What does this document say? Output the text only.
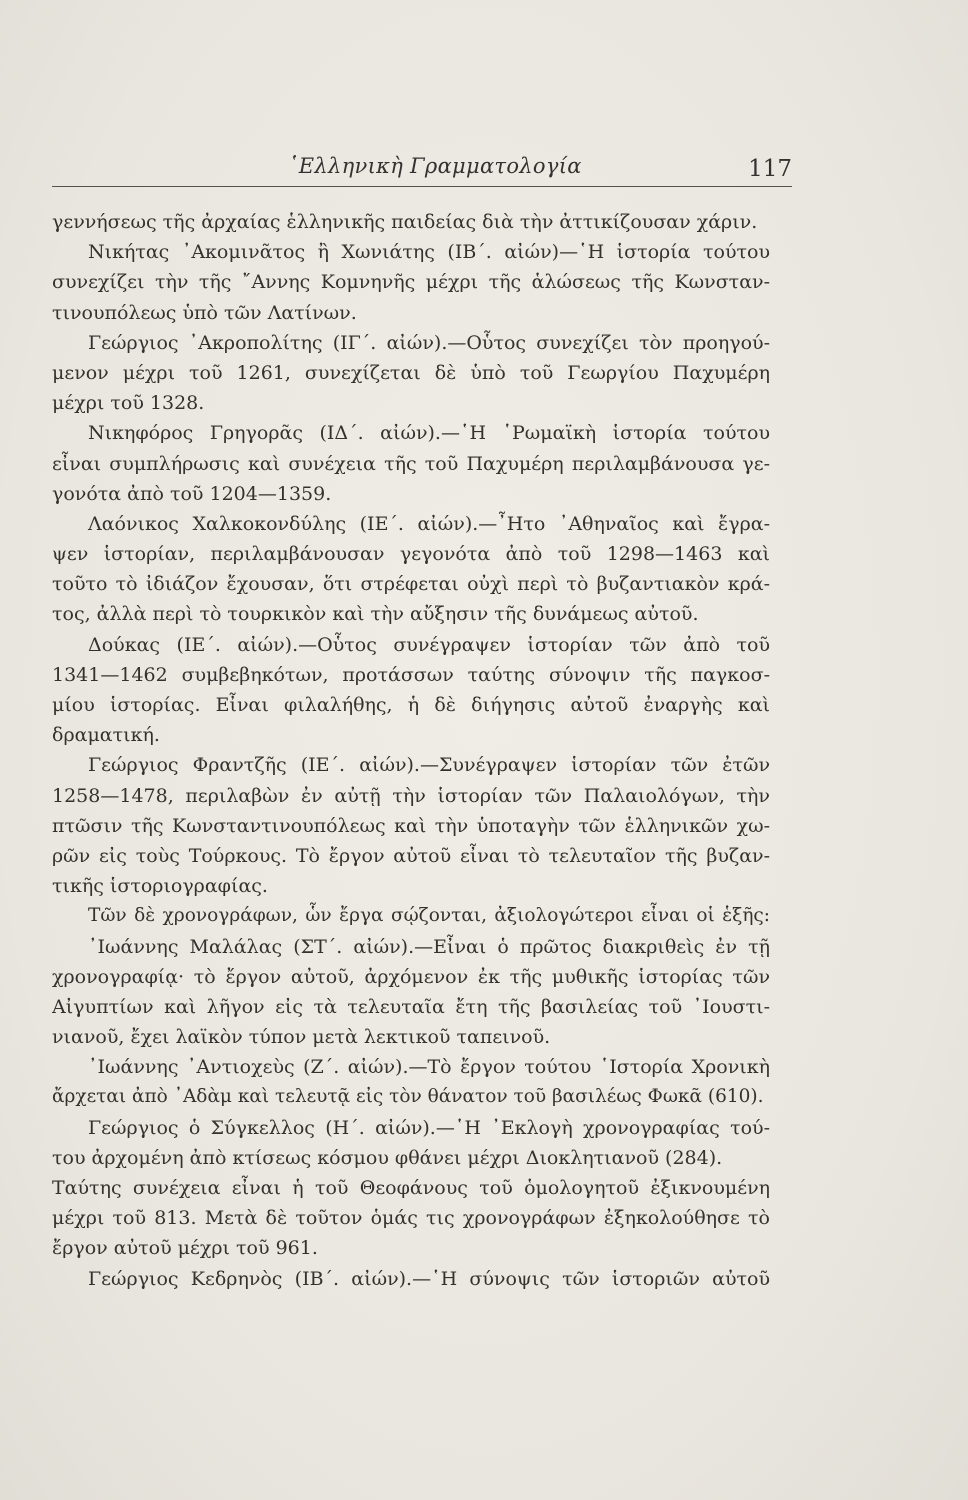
῾Ελληνικὴ Γραμματολογία	117
γεννήσεως τῆς ἀρχαίας ἑλληνικῆς παιδείας διὰ τὴν ἀττικίζουσαν χάριν.
Νικήτας ᾿Ακομινᾶτος ἢ Χωνιάτης (ΙΒ΄. αἰών)—῾Η ἱστορία τούτου
συνεχίζει τὴν τῆς ῎Αννης Κομνηνῆς μέχρι τῆς ἁλώσεως τῆς Κωνσταν-
τινουπόλεως ὑπὸ τῶν Λατίνων.
Γεώργιος ᾿Ακροπολίτης (ΙΓ΄. αἰών).—Οὗτος συνεχίζει τὸν προηγού-
μενον μέχρι τοῦ 1261, συνεχίζεται δὲ ὑπὸ τοῦ Γεωργίου Παχυμέρη
μέχρι τοῦ 1328.
Νικηφόρος Γρηγορᾶς (ΙΔ΄. αἰών).—῾Η ῾Ρωμαϊκὴ ἱστορία τούτου
εἶναι συμπλήρωσις καὶ συνέχεια τῆς τοῦ Παχυμέρη περιλαμβάνουσα γε-
γονότα ἀπὸ τοῦ 1204—1359.
Λαόνικος Χαλκοκονδύλης (ΙΕ΄. αἰών).—῏Ητο ᾿Αθηναῖος καὶ ἔγρα-
ψεν ἱστορίαν, περιλαμβάνουσαν γεγονότα ἀπὸ τοῦ 1298—1463 καὶ
τοῦτο τὸ ἰδιάζον ἔχουσαν, ὅτι στρέφεται οὐχὶ περὶ τὸ βυζαντιακὸν κρά-
τος, ἀλλὰ περὶ τὸ τουρκικὸν καὶ τὴν αὔξησιν τῆς δυνάμεως αὐτοῦ.
Δούκας (ΙΕ΄. αἰών).—Οὗτος συνέγραψεν ἱστορίαν τῶν ἀπὸ τοῦ
1341—1462 συμβεβηκότων, προτάσσων ταύτης σύνοψιν τῆς παγκοσ-
μίου ἱστορίας. Εἶναι φιλαλήθης, ἡ δὲ διήγησις αὐτοῦ ἐναργὴς καὶ
δραματική.
Γεώργιος Φραντζῆς (ΙΕ΄. αἰών).—Συνέγραψεν ἱστορίαν τῶν ἐτῶν
1258—1478, περιλαβὼν ἐν αὐτῇ τὴν ἱστορίαν τῶν Παλαιολόγων, τὴν
πτῶσιν τῆς Κωνσταντινουπόλεως καὶ τὴν ὑποταγὴν τῶν ἑλληνικῶν χω-
ρῶν εἰς τοὺς Τούρκους. Τὸ ἔργον αὐτοῦ εἶναι τὸ τελευταῖον τῆς βυζαν-
τικῆς ἱστοριογραφίας.
Τῶν δὲ χρονογράφων, ὧν ἔργα σῴζονται, ἀξιολογώτεροι εἶναι οἱ ἑξῆς:
᾿Ιωάννης Μαλάλας (ΣΤ΄. αἰών).—Εἶναι ὁ πρῶτος διακριθεὶς ἐν τῇ
χρονογραφίᾳ· τὸ ἔργον αὐτοῦ, ἀρχόμενον ἐκ τῆς μυθικῆς ἱστορίας τῶν
Αἰγυπτίων καὶ λῆγον εἰς τὰ τελευταῖα ἔτη τῆς βασιλείας τοῦ ᾿Ιουστι-
νιανοῦ, ἔχει λαϊκὸν τύπον μετὰ λεκτικοῦ ταπεινοῦ.
᾿Ιωάννης ᾿Αντιοχεὺς (Ζ΄. αἰών).—Τὸ ἔργον τούτου ῾Ιστορία Χρονικὴ
ἄρχεται ἀπὸ ᾿Αδὰμ καὶ τελευτᾷ εἰς τὸν θάνατον τοῦ βασιλέως Φωκᾶ (610).
Γεώργιος ὁ Σύγκελλος (Η΄. αἰών).—῾Η ᾿Εκλογὴ χρονογραφίας τού-
του ἀρχομένη ἀπὸ κτίσεως κόσμου φθάνει μέχρι Διοκλητιανοῦ (284).
Ταύτης συνέχεια εἶναι ἡ τοῦ Θεοφάνους τοῦ ὁμολογητοῦ ἐξικνουμένη
μέχρι τοῦ 813. Μετὰ δὲ τοῦτον ὁμάς τις χρονογράφων ἐξηκολούθησε τὸ
ἔργον αὐτοῦ μέχρι τοῦ 961.
Γεώργιος Κεδρηνὸς (ΙΒ΄. αἰών).—῾Η σύνοψις τῶν ἱστοριῶν αὐτοῦ
